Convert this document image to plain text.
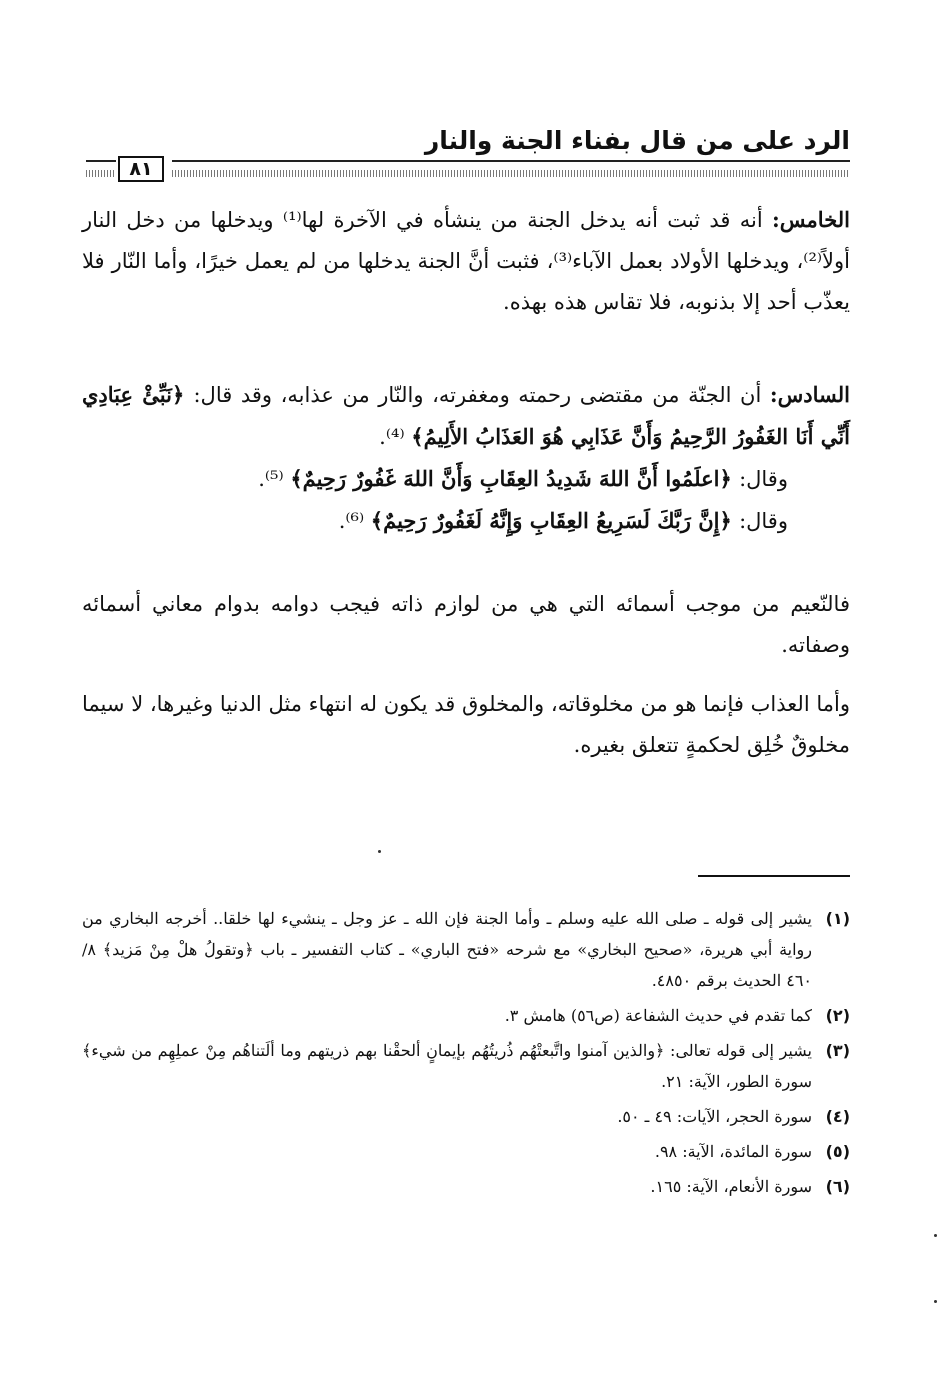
الرد على من قال بفناء الجنة والنار
٨١

الخامس: أنه قد ثبت أنه يدخل الجنة من ينشأه في الآخرة لها⁽¹⁾ ويدخلها من دخل النار أولاً⁽²⁾، ويدخلها الأولاد بعمل الآباء⁽³⁾، فثبت أنَّ الجنة يدخلها من لم يعمل خيرًا، وأما النّار فلا يعذّب أحد إلا بذنوبه، فلا تقاس هذه بهذه.

السادس: أن الجنّة من مقتضى رحمته ومغفرته، والنّار من عذابه، وقد قال: ﴿نَبِّئْ عِبَادِي أَنِّي أَنَا الغَفُورُ الرَّحِيمُ وَأَنَّ عَذَابِي هُوَ العَذَابُ الأَلِيمُ﴾ ⁽⁴⁾.

وقال: ﴿اعلَمُوا أَنَّ اللهَ شَدِيدُ العِقَابِ وَأَنَّ اللهَ غَفُورٌ رَحِيمٌ﴾ ⁽⁵⁾.

وقال: ﴿إِنَّ رَبَّكَ لَسَرِيعُ العِقَابِ وَإِنَّهُ لَغَفُورٌ رَحِيمٌ﴾ ⁽⁶⁾.

فالنّعيم من موجب أسمائه التي هي من لوازم ذاته فيجب دوامه بدوام معاني أسمائه وصفاته.

وأما العذاب فإنما هو من مخلوقاته، والمخلوق قد يكون له انتهاء مثل الدنيا وغيرها، لا سيما مخلوقٌ خُلِق لحكمةٍ تتعلق بغيره.

(١)
يشير إلى قوله ـ صلى الله عليه وسلم ـ وأما الجنة فإن الله ـ عز وجل ـ ينشيء لها خلقا.. أخرجه البخاري من رواية أبي هريرة، «صحيح البخاري» مع شرحه «فتح الباري» ـ كتاب التفسير ـ باب ﴿وتقولُ هلْ مِنْ مَزيد﴾ ٨/ ٤٦٠ الحديث برقم ٤٨٥٠.
(٢)
كما تقدم في حديث الشفاعة (ص٥٦) هامش ٣.
(٣)
يشير إلى قوله تعالى: ﴿والذين آمنوا واتَّبعتْهُم ذُريتُهُم بإيمانٍ ألحقْنا بهم ذريتهم وما ألَتناهُم مِنْ عملِهِم من شيء﴾ سورة الطور، الآية: ٢١.
(٤)
سورة الحجر، الآيات: ٤٩ ـ ٥٠.
(٥)
سورة المائدة، الآية: ٩٨.
(٦)
سورة الأنعام، الآية: ١٦٥.
